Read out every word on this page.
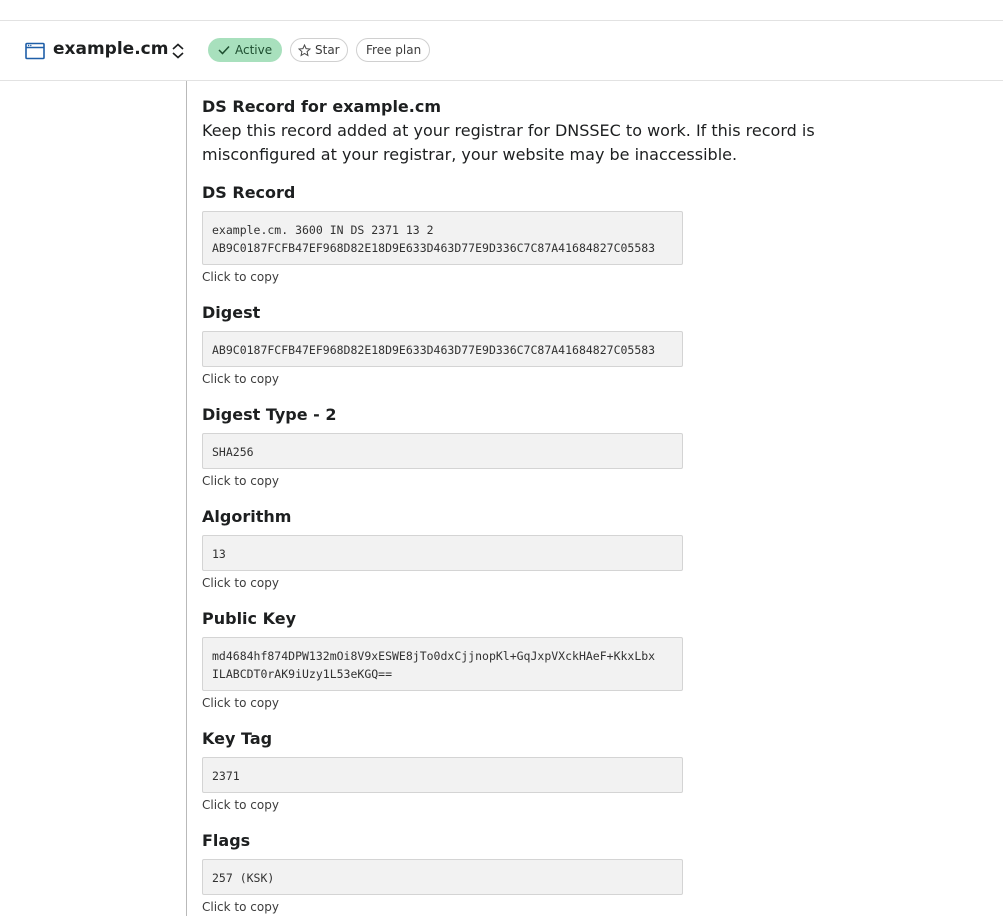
example.cm	Active	Star Free plan
DS Record for example.cm
Keep this record added at your registrar for DNSSEC to work. If this record is misconfigured at your registrar, your website may be inaccessible.
DS Record
example.cm. 3600 IN DS 2371 13 2
AB9C0187FCFB47EF968D82E18D9E633D463D77E9D336C7C87A41684827C05583
Click to copy
Digest
AB9C0187FCFB47EF968D82E18D9E633D463D77E9D336C7C87A41684827C05583
Click to copy
Digest Type - 2
SHA256
Click to copy
Algorithm
13
Click to copy
Public Key
md4684hf874DPW132mOi8V9xESWE8jTo0dxCjjnopKl+GqJxpVXckHAeF+KkxLbx
ILABCDT0rAK9iUzy1L53eKGQ==
Click to copy
Key Tag
2371
Click to copy
Flags
257 (KSK)
Click to copy
